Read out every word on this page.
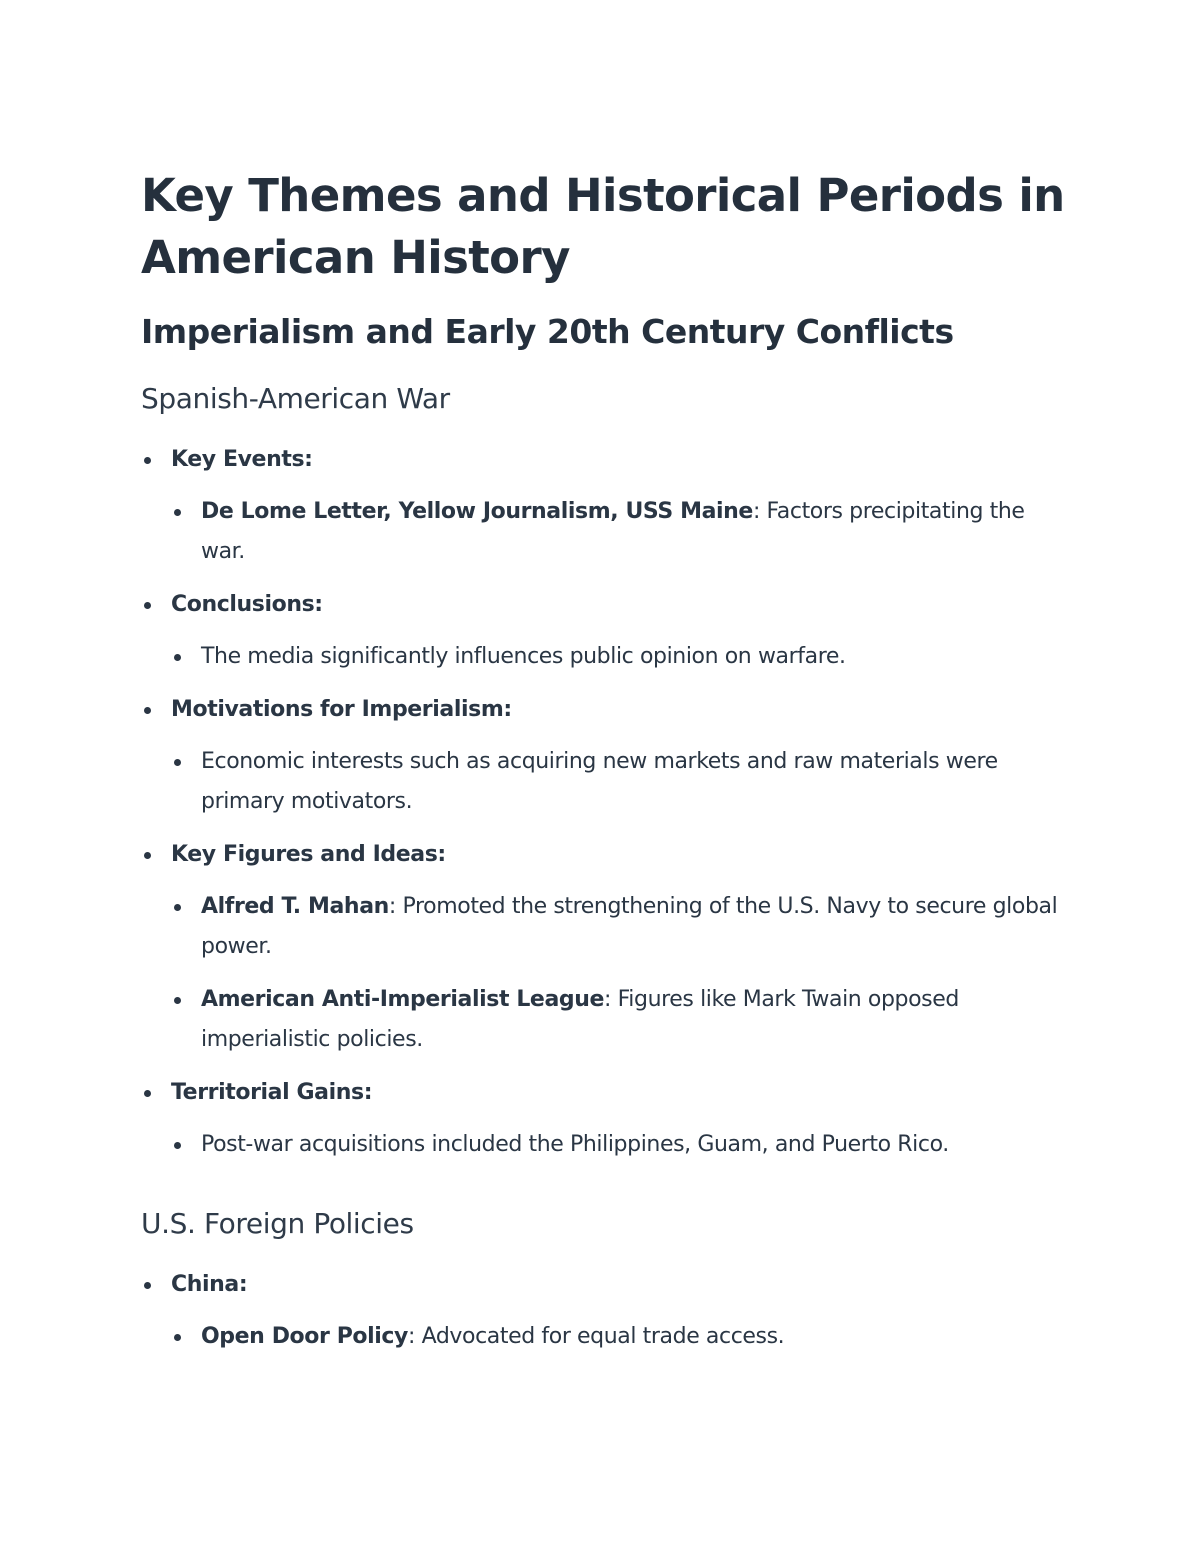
Key Themes and Historical Periods in American History
Imperialism and Early 20th Century Conflicts
Spanish-American War
Key Events:
De Lome Letter, Yellow Journalism, USS Maine: Factors precipitating the war.
Conclusions:
The media significantly influences public opinion on warfare.
Motivations for Imperialism:
Economic interests such as acquiring new markets and raw materials were primary motivators.
Key Figures and Ideas:
Alfred T. Mahan: Promoted the strengthening of the U.S. Navy to secure global power.
American Anti-Imperialist League: Figures like Mark Twain opposed imperialistic policies.
Territorial Gains:
Post-war acquisitions included the Philippines, Guam, and Puerto Rico.
U.S. Foreign Policies
China:
Open Door Policy: Advocated for equal trade access.
